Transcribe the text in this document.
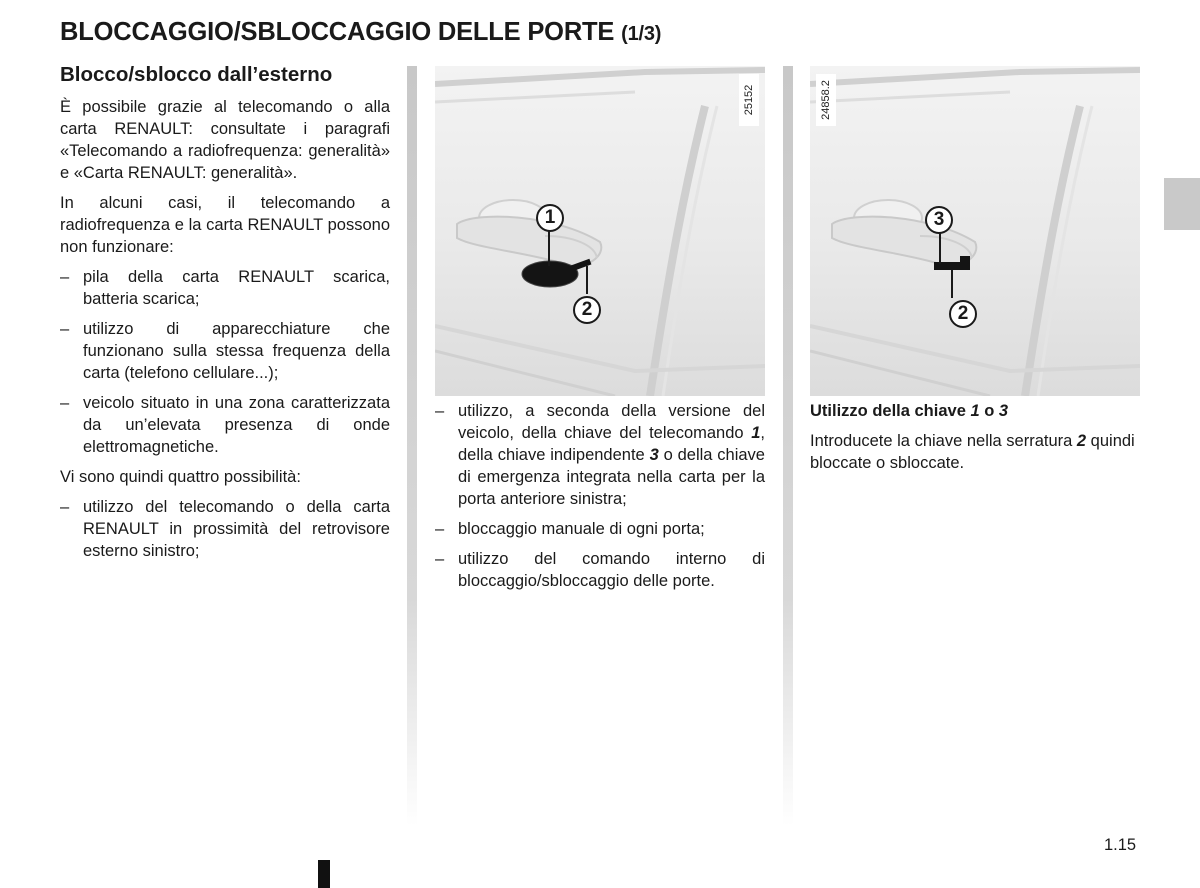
BLOCCAGGIO/SBLOCCAGGIO DELLE PORTE (1/3)
Blocco/sblocco dall’esterno
È possibile grazie al telecomando o alla carta RENAULT: consultate i paragrafi «Telecomando a radiofrequenza: generalità» e «Carta RENAULT: generalità».
In alcuni casi, il telecomando a radiofrequenza e la carta RENAULT possono non funzionare:
– pila della carta RENAULT scarica, batteria scarica;
– utilizzo di apparecchiature che funzionano sulla stessa frequenza della carta (telefono cellulare...);
– veicolo situato in una zona caratterizzata da un’elevata presenza di onde elettromagnetiche.
Vi sono quindi quattro possibilità:
– utilizzo del telecomando o della carta RENAULT in prossimità del retrovisore esterno sinistro;
25152
1
2
24858.2
3
2
– utilizzo, a seconda della versione del veicolo, della chiave del telecomando 1, della chiave indipendente 3 o della chiave di emergenza integrata nella carta per la porta anteriore sinistra;
– bloccaggio manuale di ogni porta;
– utilizzo del comando interno di bloccaggio/sbloccaggio delle porte.
Utilizzo della chiave 1 o 3
Introducete la chiave nella serratura 2 quindi bloccate o sbloccate.
1.15
